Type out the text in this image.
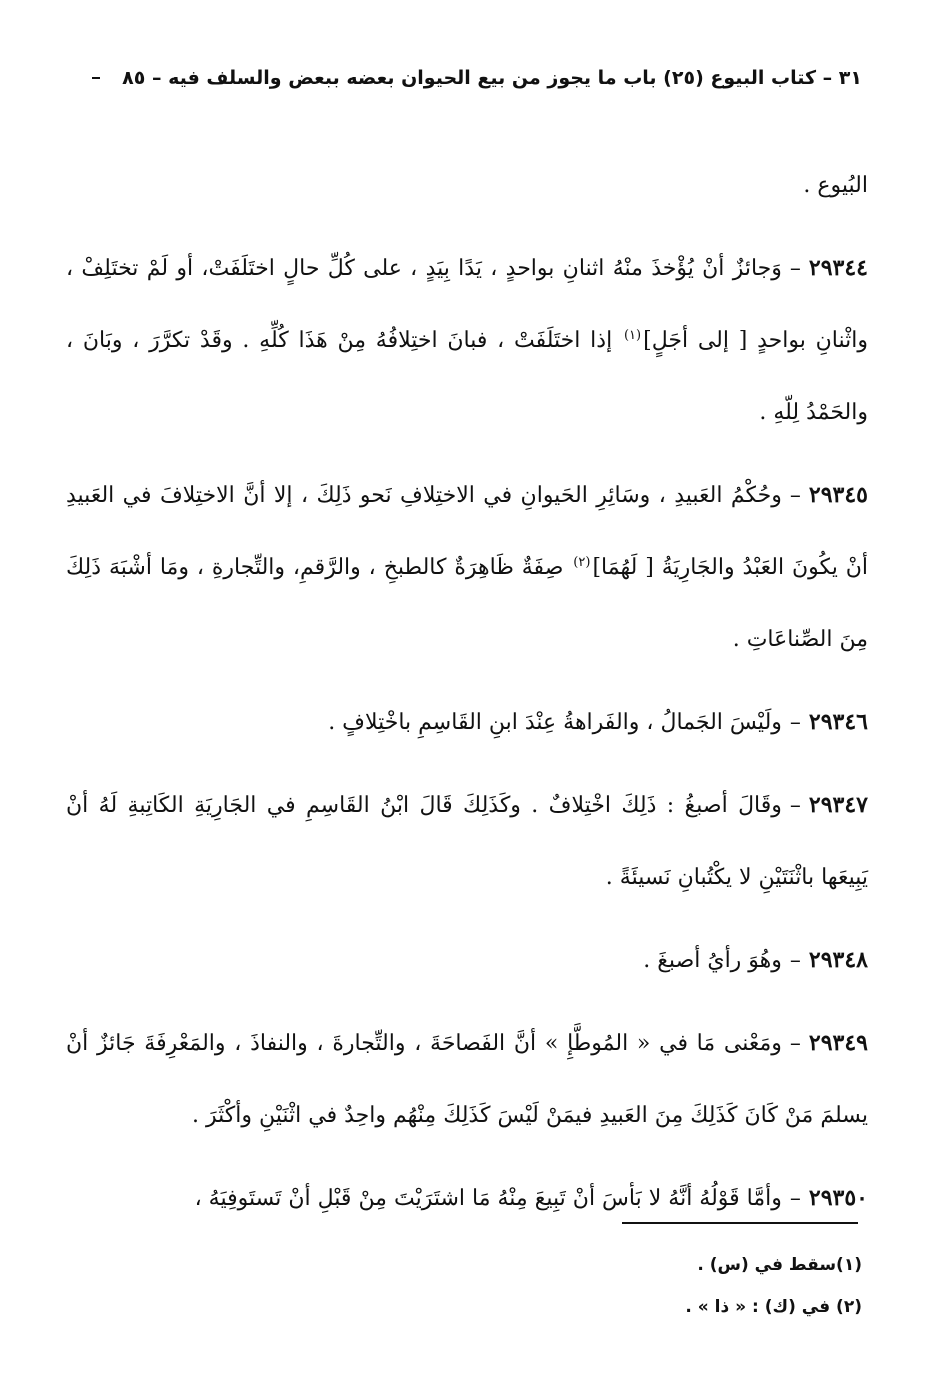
٣١ – كتاب البيوع (٢٥) باب ما يجوز من بيع الحيوان بعضه ببعض والسلف فيه – ٨٥

البُيوع .

٢٩٣٤٤–وَجائزٌ أنْ يُؤْخذَ منْهُ اثنانِ بواحدٍ ، يَدًا بِيَدٍ ، على كُلِّ حالٍ اختَلَفَتْ، أو لَمْ تختَلِفْ ، واثْنانِ بواحدٍ [ إلى أجَلٍ]$^{(١)}$ إذا اختَلَفَتْ ، فبانَ اختِلافُهُ مِنْ هَذَا كُلِّهِ . وقَدْ تكرَّرَ ، وبَانَ ، والحَمْدُ لِلّهِ .

٢٩٣٤٥–وحُكْمُ العَبيدِ ، وسَائِرِ الحَيوانِ في الاختِلافِ نَحو ذَلِكَ ، إلا أنَّ الاختِلافَ في العَبيدِ أنْ يكُونَ العَبْدُ والجَارِيَةُ [ لَهُمَا]$^{(٢)}$ صِفَةٌ ظَاهِرَةٌ كالطبخِ ، والرَّقمِ، والتِّجارةِ ، ومَا أشْبَهَ ذَلِكَ مِنَ الصِّناعَاتِ .

٢٩٣٤٦–ولَيْسَ الجَمالُ ، والفَراهةُ عِنْدَ ابنِ القَاسِمِ باخْتِلافٍ .

٢٩٣٤٧–وقَالَ أصبغُ : ذَلِكَ اخْتِلافٌ . وكَذَلِكَ قَالَ ابْنُ القَاسِمِ في الجَارِيَةِ الكَاتِبةِ لَهُ أنْ يَبِيعَها باثْنَتَيْنِ لا يكْتُبانِ نَسيئَةً .

٢٩٣٤٨–وهُوَ رأيُ أصبغَ .

٢٩٣٤٩–ومَعْنى مَا في « المُوطَّإِ » أنَّ الفَصاحَةَ ، والتِّجارةَ ، والنفاذَ ، والمَعْرِفَةَ جَائزٌ أنْ يسلمَ مَنْ كَانَ كَذَلِكَ مِنَ العَبيدِ فيمَنْ لَيْسَ كَذَلِكَ مِنْهُم واحِدٌ في اثْنَيْنِ وأكْثَرَ .

٢٩٣٥٠–وأمَّا قَوْلُهُ أنَّهُ لا بَأسَ أنْ تَبِيعَ مِنْهُ مَا اشتَرَيْتَ مِنْ قَبْلِ أنْ تَستَوفِيَهُ ،

(١)سقط في (س) .
(٢) في (ك) : « ذا » .
